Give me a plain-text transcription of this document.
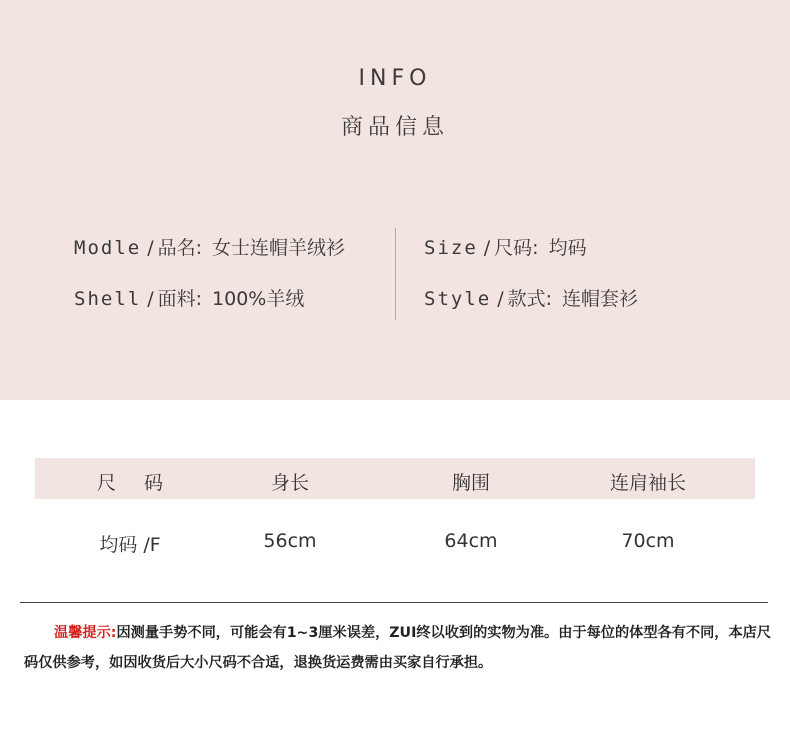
INFO
商品信息
Modle / 品名: 女士连帽羊绒衫
Shell / 面料: 100%羊绒
Size / 尺码: 均码
Style / 款式: 连帽套衫
尺码	身长	胸围	连肩袖长
均码 /F	56cm	64cm	70cm
温馨提示:因测量手势不同，可能会有1~3厘米误差，ZUI终以收到的实物为准。由于每位的体型各有不同，本店尺码仅供参考，如因收货后大小尺码不合适，退换货运费需由买家自行承担。
